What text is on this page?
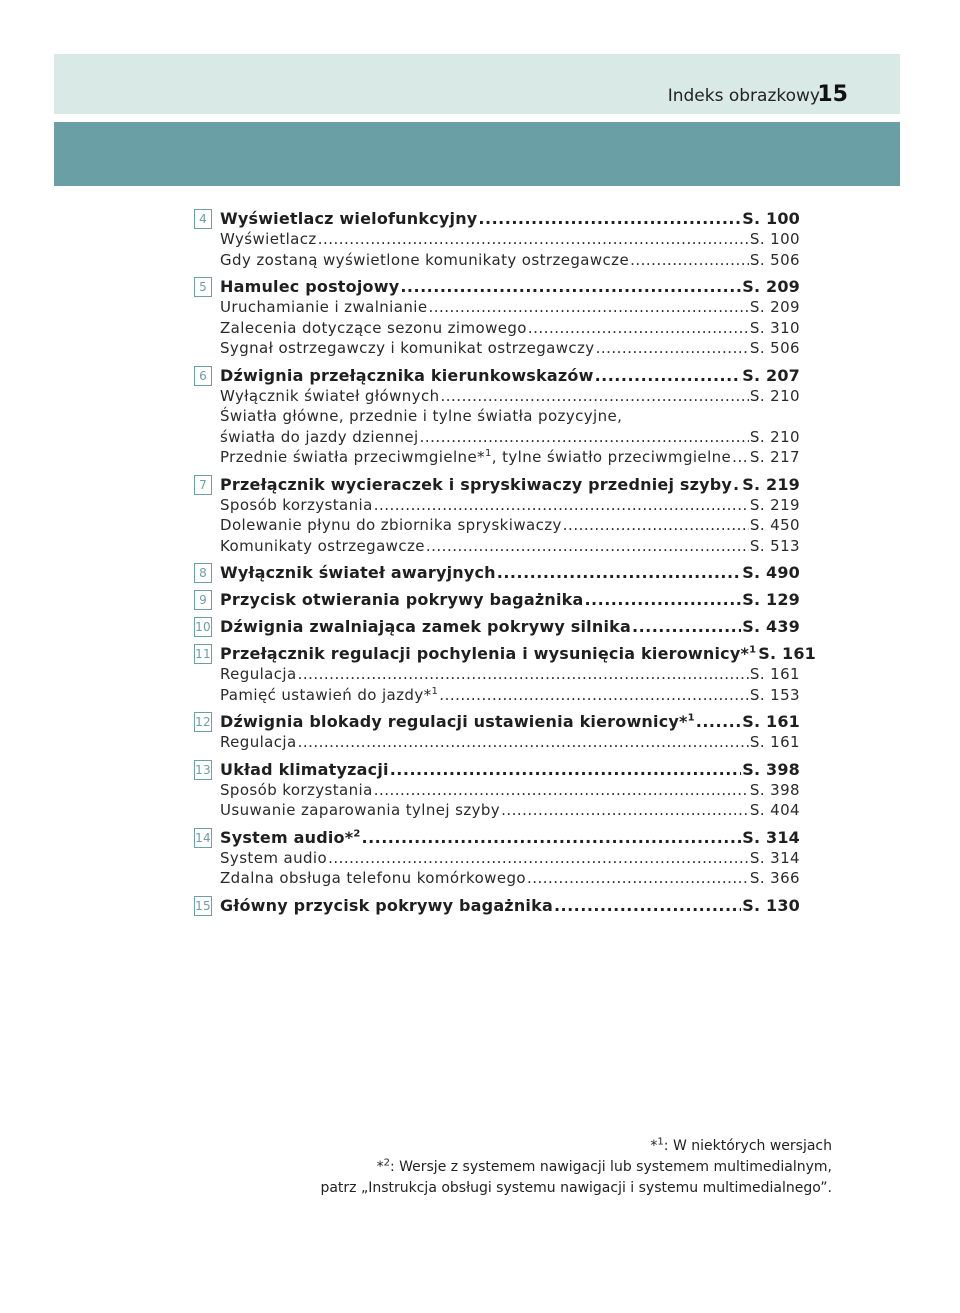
Indeks obrazkowy
15
4 Wyświetlacz wielofunkcyjny .....	S. 100
Wyświetlacz .....	S. 100
Gdy zostaną wyświetlone komunikaty ostrzegawcze .....	S. 506
5 Hamulec postojowy .....	S. 209
Uruchamianie i zwalnianie .....	S. 209
Zalecenia dotyczące sezonu zimowego .....	S. 310
Sygnał ostrzegawczy i komunikat ostrzegawczy .....	S. 506
6 Dźwignia przełącznika kierunkowskazów .....	S. 207
Wyłącznik świateł głównych .....	S. 210
Światła główne, przednie i tylne światła pozycyjne,
światła do jazdy dziennej .....	S. 210
Przednie światła przeciwmgielne*$^1$, tylne światło przeciwmgielne ..... S. 217
7 Przełącznik wycieraczek i spryskiwaczy przedniej szyby ..... S. 219
Sposób korzystania .....	S. 219
Dolewanie płynu do zbiornika spryskiwaczy .....	S. 450
Komunikaty ostrzegawcze .....	S. 513
8 Wyłącznik świateł awaryjnych .....	S. 490
9 Przycisk otwierania pokrywy bagażnika .....	S. 129
10 Dźwignia zwalniająca zamek pokrywy silnika .....	S. 439
11 Przełącznik regulacji pochylenia i wysunięcia kierownicy*$^1$ S. 161
Regulacja .....	S. 161
Pamięć ustawień do jazdy*$^1$ .....	S. 153
12 Dźwignia blokady regulacji ustawienia kierownicy*$^1$ .....	S. 161
Regulacja .....	S. 161
13 Układ klimatyzacji .....	S. 398
Sposób korzystania .....	S. 398
Usuwanie zaparowania tylnej szyby .....	S. 404
14 System audio*$^2$ .....	S. 314
System audio .....	S. 314
Zdalna obsługa telefonu komórkowego .....	S. 366
15 Główny przycisk pokrywy bagażnika .....	S. 130
*$^1$: W niektórych wersjach
*$^2$: Wersje z systemem nawigacji lub systemem multimedialnym,
patrz „Instrukcja obsługi systemu nawigacji i systemu multimedialnego”.
